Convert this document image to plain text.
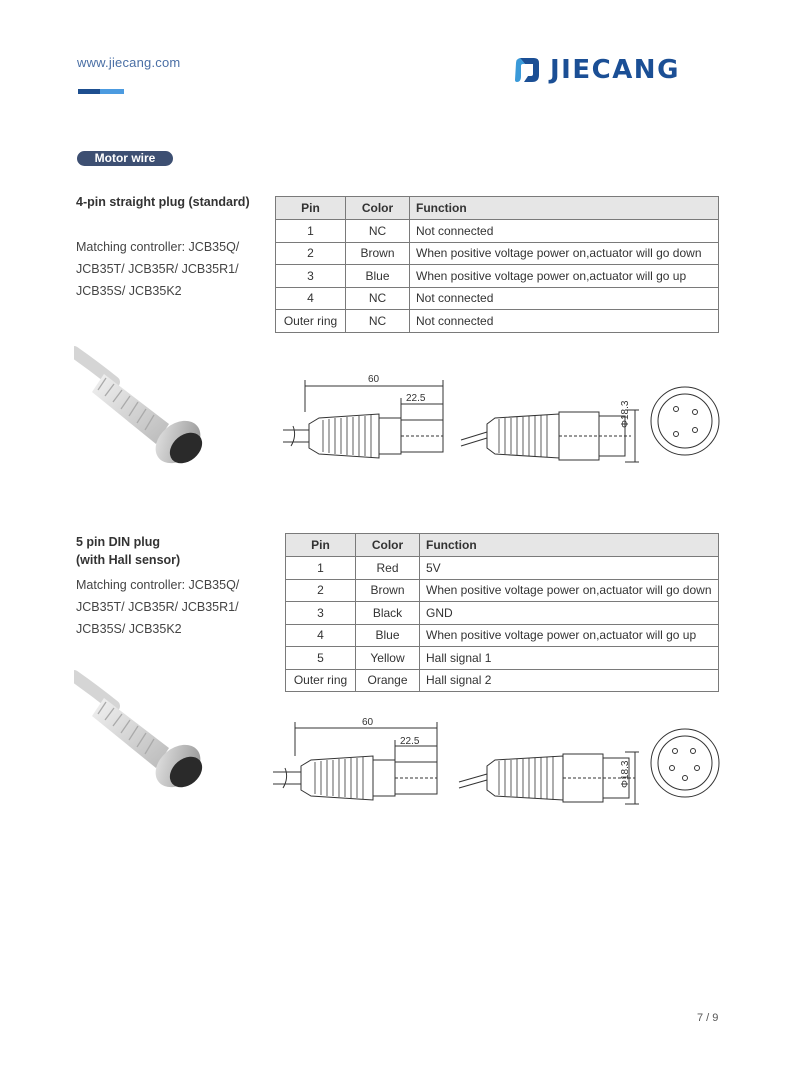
www.jiecang.com	JIECANG
Motor wire
4-pin straight plug (standard)
Matching controller: JCB35Q/
JCB35T/ JCB35R/ JCB35R1/
JCB35S/ JCB35K2
Pin	Color	Function
1	NC	Not connected
2	Brown	When positive voltage power on,actuator will go down
3	Blue	When positive voltage power on,actuator will go up
4	NC	Not connected
Outer ring	NC	Not connected
60
22.5
Φ18.3
5 pin DIN plug
(with Hall sensor)
Matching controller: JCB35Q/
JCB35T/ JCB35R/ JCB35R1/
JCB35S/ JCB35K2
Pin	Color	Function
1	Red	5V
2	Brown	When positive voltage power on,actuator will go down
3	Black	GND
4	Blue	When positive voltage power on,actuator will go up
5	Yellow	Hall signal 1
Outer ring	Orange	Hall signal 2
60
22.5
Φ18.3
7 / 9
